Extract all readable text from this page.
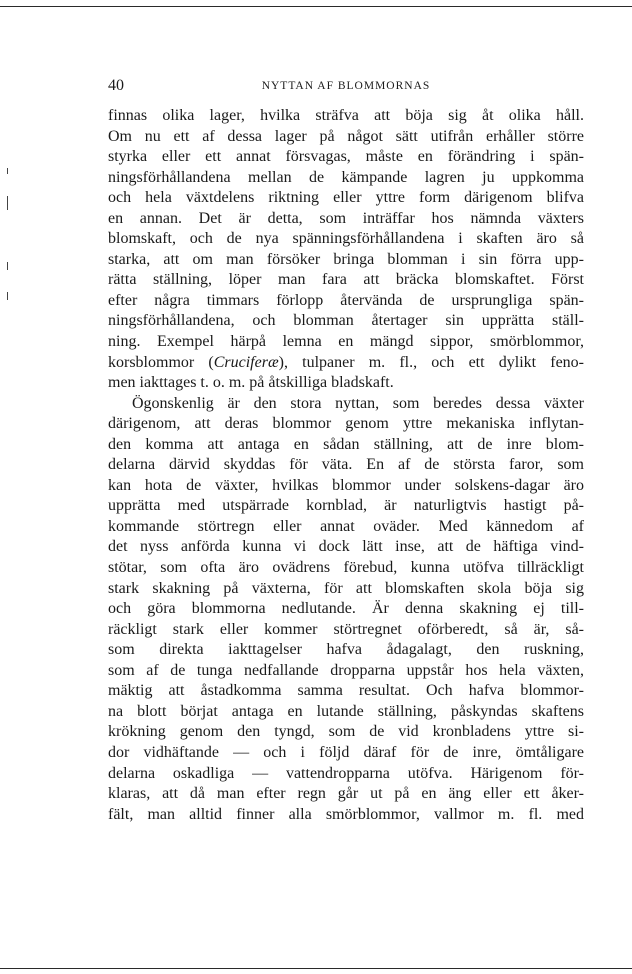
40	NYTTAN AF BLOMMORNAS
finnas olika lager, hvilka sträfva att böja sig åt olika håll.
Om nu ett af dessa lager på något sätt utifrån erhåller större
styrka eller ett annat försvagas, måste en förändring i spän-
ningsförhållandena mellan de kämpande lagren ju uppkomma
och hela växtdelens riktning eller yttre form därigenom blifva
en annan. Det är detta, som inträffar hos nämnda växters
blomskaft, och de nya spänningsförhållandena i skaften äro så
starka, att om man försöker bringa blomman i sin förra upp-
rätta ställning, löper man fara att bräcka blomskaftet. Först
efter några timmars förlopp återvända de ursprungliga spän-
ningsförhållandena, och blomman återtager sin upprätta ställ-
ning. Exempel härpå lemna en mängd sippor, smörblommor,
korsblommor (Cruciferæ), tulpaner m. fl., och ett dylikt feno-
men iakttages t. o. m. på åtskilliga bladskaft.
Ögonskenlig är den stora nyttan, som beredes dessa växter
därigenom, att deras blommor genom yttre mekaniska inflytan-
den komma att antaga en sådan ställning, att de inre blom-
delarna därvid skyddas för väta. En af de största faror, som
kan hota de växter, hvilkas blommor under solskens-dagar äro
upprätta med utspärrade kornblad, är naturligtvis hastigt på-
kommande störtregn eller annat oväder. Med kännedom af
det nyss anförda kunna vi dock lätt inse, att de häftiga vind-
stötar, som ofta äro ovädrens förebud, kunna utöfva tillräckligt
stark skakning på växterna, för att blomskaften skola böja sig
och göra blommorna nedlutande. Är denna skakning ej till-
räckligt stark eller kommer störtregnet oförberedt, så är, så-
som direkta iakttagelser hafva ådagalagt, den ruskning,
som af de tunga nedfallande dropparna uppstår hos hela växten,
mäktig att åstadkomma samma resultat. Och hafva blommor-
na blott börjat antaga en lutande ställning, påskyndas skaftens
krökning genom den tyngd, som de vid kronbladens yttre si-
dor vidhäftande — och i följd däraf för de inre, ömtåligare
delarna oskadliga — vattendropparna utöfva. Härigenom för-
klaras, att då man efter regn går ut på en äng eller ett åker-
fält, man alltid finner alla smörblommor, vallmor m. fl. med
